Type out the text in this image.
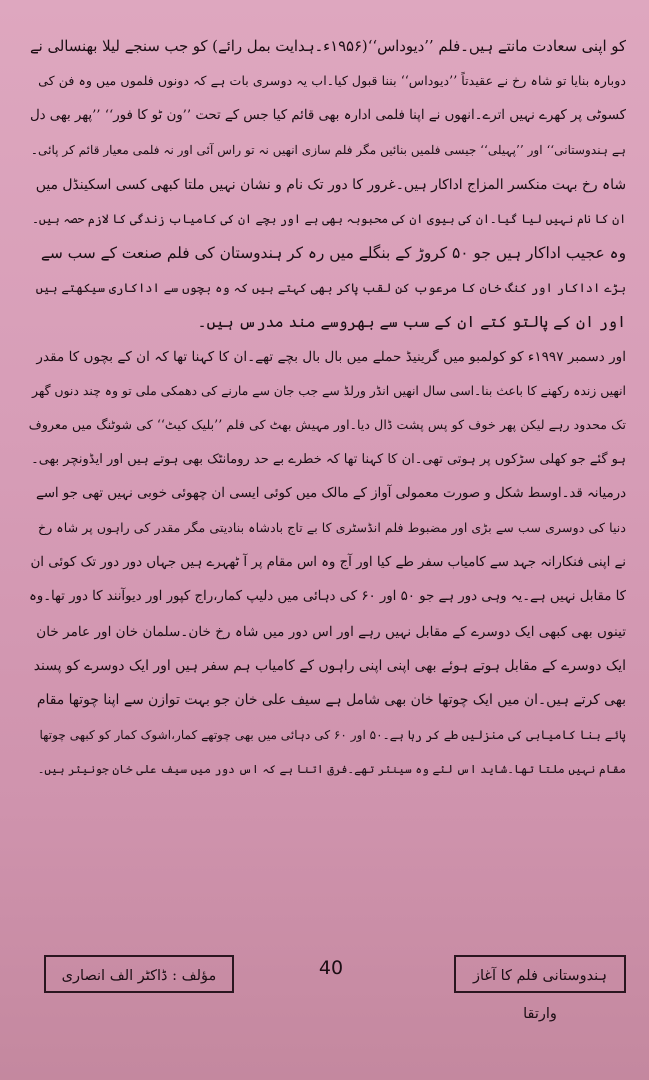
کو اپنی سعادت مانتے ہیں۔فلم ’’دیوداس‘‘(۱۹۵۶ء۔ہدایت بمل رائے) کو جب سنجے لیلا بھنسالی نے
دوبارہ بنایا تو شاہ رخ نے عقیدتاً ’’دیوداس‘‘ بننا قبول کیا۔اب یہ دوسری بات ہے کہ دونوں فلموں میں وہ فن کی
کسوٹی پر کھرے نہیں اترے۔انھوں نے اپنا فلمی ادارہ بھی قائم کیا جس کے تحت ’’ون ٹو کا فور‘‘ ’’پھر بھی دل
ہے ہندوستانی‘‘ اور ’’پہیلی‘‘ جیسی فلمیں بنائیں مگر فلم سازی انھیں نہ تو راس آئی اور نہ فلمی معیار قائم کر پائی۔
شاہ رخ بہت منکسر المزاج اداکار ہیں۔غرور کا دور تک نام و نشان نہیں ملتا کبھی کسی اسکینڈل میں
ان کا نام نہیں لیا گیا۔ان کی بیوی ان کی محبوبہ بھی ہے اور بچے ان کی کامیاب زندگی کا لازم حصہ ہیں۔
وہ عجیب اداکار ہیں جو ۵۰ کروڑ کے بنگلے میں رہ کر ہندوستان کی فلم صنعت کے سب سے
بڑے اداکار اور کنگ خان کا مرعوب کن لقب پاکر بھی کہتے ہیں کہ وہ بچوں سے اداکاری سیکھتے ہیں
اور ان کے پالتو کتے ان کے سب سے بھروسے مند مدرس ہیں۔
اور دسمبر ۱۹۹۷ء کو کولمبو میں گرینیڈ حملے میں بال بال بچے تھے۔ان کا کہنا تھا کہ ان کے بچوں کا مقدر
انھیں زندہ رکھنے کا باعث بنا۔اسی سال انھیں انڈر ورلڈ سے جب جان سے مارنے کی دھمکی ملی تو وہ چند دنوں گھر
تک محدود رہے لیکن پھر خوف کو پس پشت ڈال دیا۔اور مہیش بھٹ کی فلم ’’بلیک کیٹ‘‘ کی شوٹنگ میں معروف
ہو گئے جو کھلی سڑکوں پر ہوتی تھی۔ان کا کہنا تھا کہ خطرے بے حد رومانٹک بھی ہوتے ہیں اور ایڈونچر بھی۔
درمیانہ قد۔اوسط شکل و صورت معمولی آواز کے مالک میں کوئی ایسی ان چھوئی خوبی نہیں تھی جو اسے
دنیا کی دوسری سب سے بڑی اور مضبوط فلم انڈسٹری کا بے تاج بادشاہ بنادیتی مگر مقدر کی راہوں پر شاہ رخ
نے اپنی فنکارانہ جہد سے کامیاب سفر طے کیا اور آج وہ اس مقام پر آ ٹھہرے ہیں جہاں دور دور تک کوئی ان
کا مقابل نہیں ہے۔یہ وہی دور ہے جو ۵۰ اور ۶۰ کی دہائی میں دلیپ کمار،راج کپور اور دیوآنند کا دور تھا۔وہ
تینوں بھی کبھی ایک دوسرے کے مقابل نہیں رہے اور اس دور میں شاہ رخ خان۔سلمان خان اور عامر خان
ایک دوسرے کے مقابل ہوتے ہوئے بھی اپنی اپنی راہوں کے کامیاب ہم سفر ہیں اور ایک دوسرے کو پسند
بھی کرتے ہیں۔ان میں ایک چوتھا خان بھی شامل ہے سیف علی خان جو بہت توازن سے اپنا چوتھا مقام
پائے بنا کامیابی کی منزلیں طے کر رہا ہے۔۵۰ اور ۶۰ کی دہائی میں بھی چوتھے کمار،اشوک کمار کو کبھی چوتھا
مقام نہیں ملتا تھا۔شاید اس لئے وہ سینئر تھے۔فرق اتنا ہے کہ اس دور میں سیف علی خان جونیئر ہیں۔
مؤلف : ڈاکٹر الف انصاری	40	ہندوستانی فلم کا آغاز وارتقا
